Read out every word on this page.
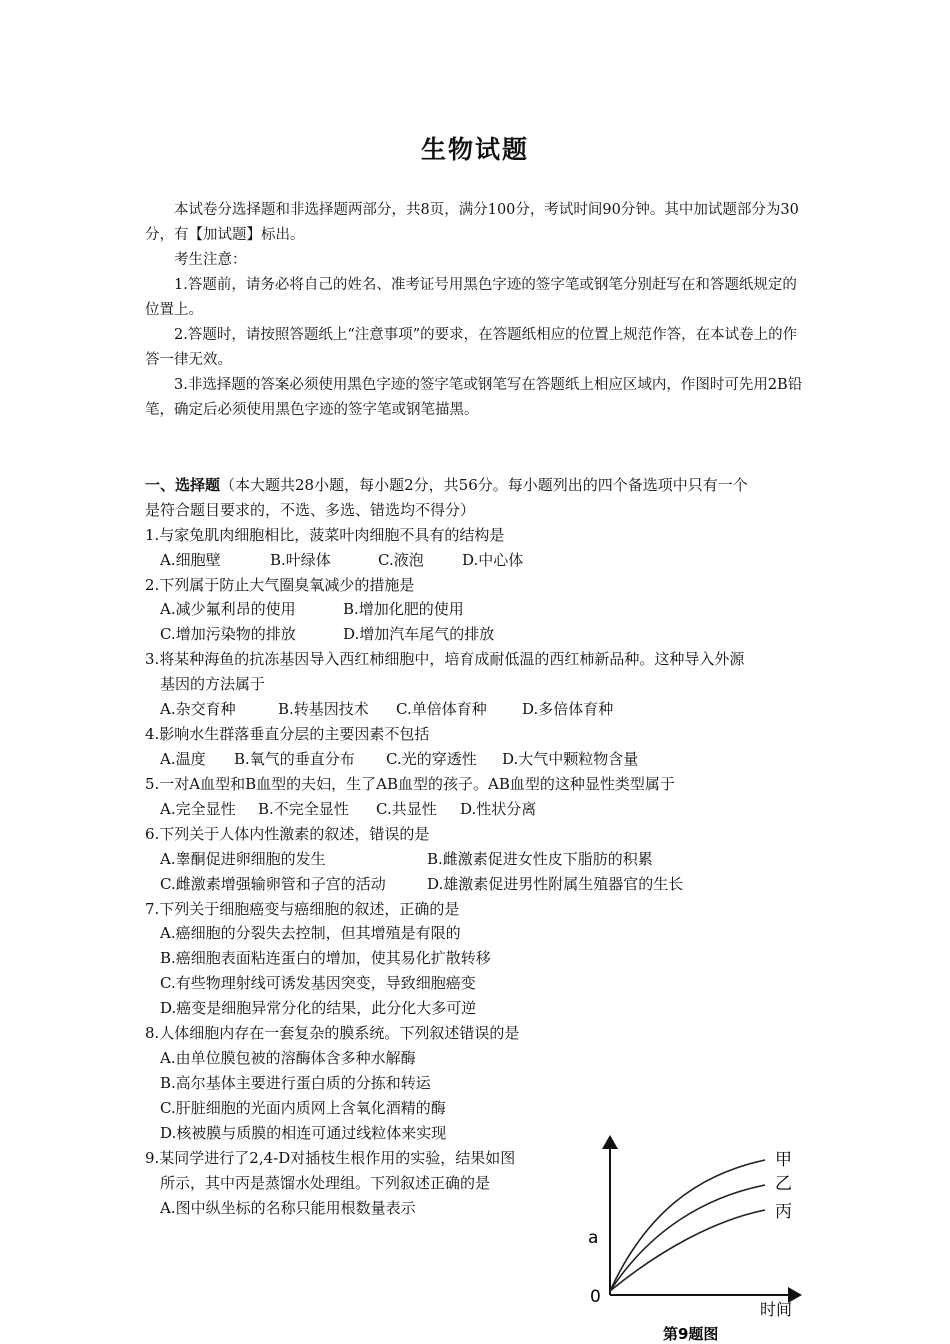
生物试题
本试卷分选择题和非选择题两部分，共8页，满分100分，考试时间90分钟。其中加试题部分为30分，有【加试题】标出。
考生注意：
1.答题前，请务必将自己的姓名、准考证号用黑色字迹的签字笔或钢笔分别赶写在和答题纸规定的位置上。
2.答题时，请按照答题纸上“注意事项”的要求，在答题纸相应的位置上规范作答，在本试卷上的作答一律无效。
3.非选择题的答案必须使用黑色字迹的签字笔或钢笔写在答题纸上相应区域内，作图时可先用2B铅笔，确定后必须使用黑色字迹的签字笔或钢笔描黑。
一、选择题（本大题共28小题，每小题2分，共56分。每小题列出的四个备选项中只有一个
是符合题目要求的，不选、多选、错选均不得分）
1.与家兔肌肉细胞相比，菠菜叶肉细胞不具有的结构是
A.细胞壁	B.叶绿体	C.液泡	D.中心体
2.下列属于防止大气圈臭氧减少的措施是
A.减少氟利昂的使用	B.增加化肥的使用
C.增加污染物的排放	D.增加汽车尾气的排放
3.将某种海鱼的抗冻基因导入西红柿细胞中，培育成耐低温的西红柿新品种。这种导入外源
基因的方法属于
A.杂交育种	B.转基因技术 C.单倍体育种 D.多倍体育种
4.影响水生群落垂直分层的主要因素不包括
A.温度 B.氧气的垂直分布 C.光的穿透性 D.大气中颗粒物含量
5.一对A血型和B血型的夫妇，生了AB血型的孩子。AB血型的这种显性类型属于
A.完全显性 B.不完全显性 C.共显性 D.性状分离
6.下列关于人体内性激素的叙述，错误的是
A.睾酮促进卵细胞的发生	B.雌激素促进女性皮下脂肪的积累
C.雌激素增强输卵管和子宫的活动	D.雄激素促进男性附属生殖器官的生长
7.下列关于细胞癌变与癌细胞的叙述，正确的是
A.癌细胞的分裂失去控制，但其增殖是有限的
B.癌细胞表面粘连蛋白的增加，使其易化扩散转移
C.有些物理射线可诱发基因突变，导致细胞癌变
D.癌变是细胞异常分化的结果，此分化大多可逆
8.人体细胞内存在一套复杂的膜系统。下列叙述错误的是
A.由单位膜包被的溶酶体含多种水解酶
B.高尔基体主要进行蛋白质的分拣和转运
C.肝脏细胞的光面内质网上含氧化酒精的酶
D.核被膜与质膜的相连可通过线粒体来实现
9.某同学进行了2,4-D对插枝生根作用的实验，结果如图
所示，其中丙是蒸馏水处理组。下列叙述正确的是
A.图中纵坐标的名称只能用根数量表示
甲
乙
丙
a
0
时间
第9题图
